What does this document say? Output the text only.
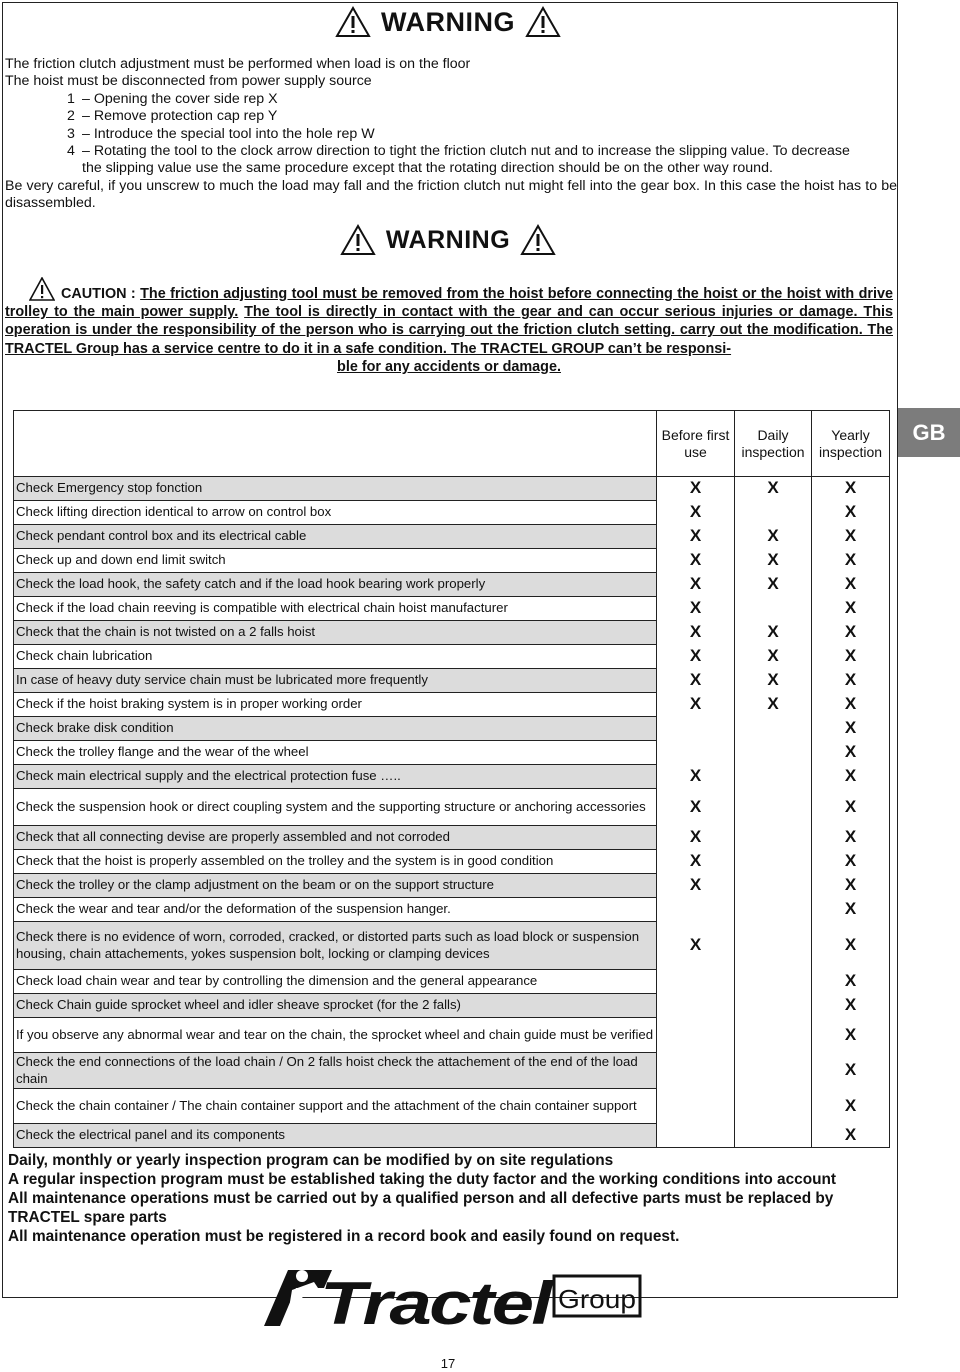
WARNING
The friction clutch adjustment must be performed when load is on the floor
The hoist must be disconnected from power supply source
1 – Opening the cover side rep X
2 – Remove protection cap rep Y
3 – Introduce the special tool into the hole rep W
4 – Rotating the tool to the clock arrow direction to tight the friction clutch nut and to increase the slipping value. To decrease
the slipping value use the same procedure except that the rotating direction should be on the other way round.
Be very careful, if you unscrew to much the load may fall and the friction clutch nut might fell into the gear box. In this case the hoist has to be disassembled.
WARNING
CAUTION : The friction adjusting tool must be removed from the hoist before connecting the hoist or the hoist with drive trolley to the main power supply. The tool is directly in contact with the gear and can occur serious injuries or damage. This operation is under the responsibility of the person who is carrying out the friction clutch setting. carry out the modification. The TRACTEL Group has a service centre to do it in a safe condition. The TRACTEL GROUP can’t be responsi-
ble for any accidents or damage.
	Before first use	Daily inspection	Yearly inspection
Check Emergency stop fonction	X	X	X
Check lifting direction identical to arrow on control box	X		X
Check pendant control box and its electrical cable	X	X	X
Check up and down end limit switch	X	X	X
Check the load hook, the safety catch and if the load hook bearing work properly	X	X	X
Check if the load chain reeving is compatible with electrical chain hoist manufacturer	X		X
Check that the chain is not twisted on a 2 falls hoist	X	X	X
Check chain lubrication	X	X	X
In case of heavy duty service chain must be lubricated more frequently	X	X	X
Check if the hoist braking system is in proper working order	X	X	X
Check brake disk condition			X
Check the trolley flange and the wear of the wheel			X
Check main electrical supply and the electrical protection fuse …..	X		X
Check the suspension hook or direct coupling system and the supporting structure or anchoring accessories	X		X
Check that all connecting devise are properly assembled and not corroded	X		X
Check that the hoist is properly assembled on the trolley and the system is in good condition	X		X
Check the trolley or the clamp adjustment on the beam or on the support structure	X		X
Check the wear and tear and/or the deformation of the suspension hanger.			X
Check there is no evidence of worn, corroded, cracked, or distorted parts such as load block or suspension housing, chain attachements, yokes suspension bolt, locking or clamping devices	X		X
Check load chain wear and tear by controlling the dimension and the general appearance			X
Check Chain guide sprocket wheel and idler sheave sprocket (for the 2 falls)			X
If you observe any abnormal wear and tear on the chain, the sprocket wheel and chain guide must be verified			X
Check the end connections of the load chain / On 2 falls hoist check the attachement of the end of the load chain			X
Check the chain container / The chain container support and the attachment of the chain container support			X
Check the electrical panel and its components			X
GB
Daily, monthly or yearly inspection program can be modified by on site regulations
A regular inspection program must be established taking the duty factor and the working conditions into account
All maintenance operations must be carried out by a qualified person and all defective parts must be replaced by TRACTEL spare parts
All maintenance operation must be registered in a record book and easily found on request.
Tractel Group
17
